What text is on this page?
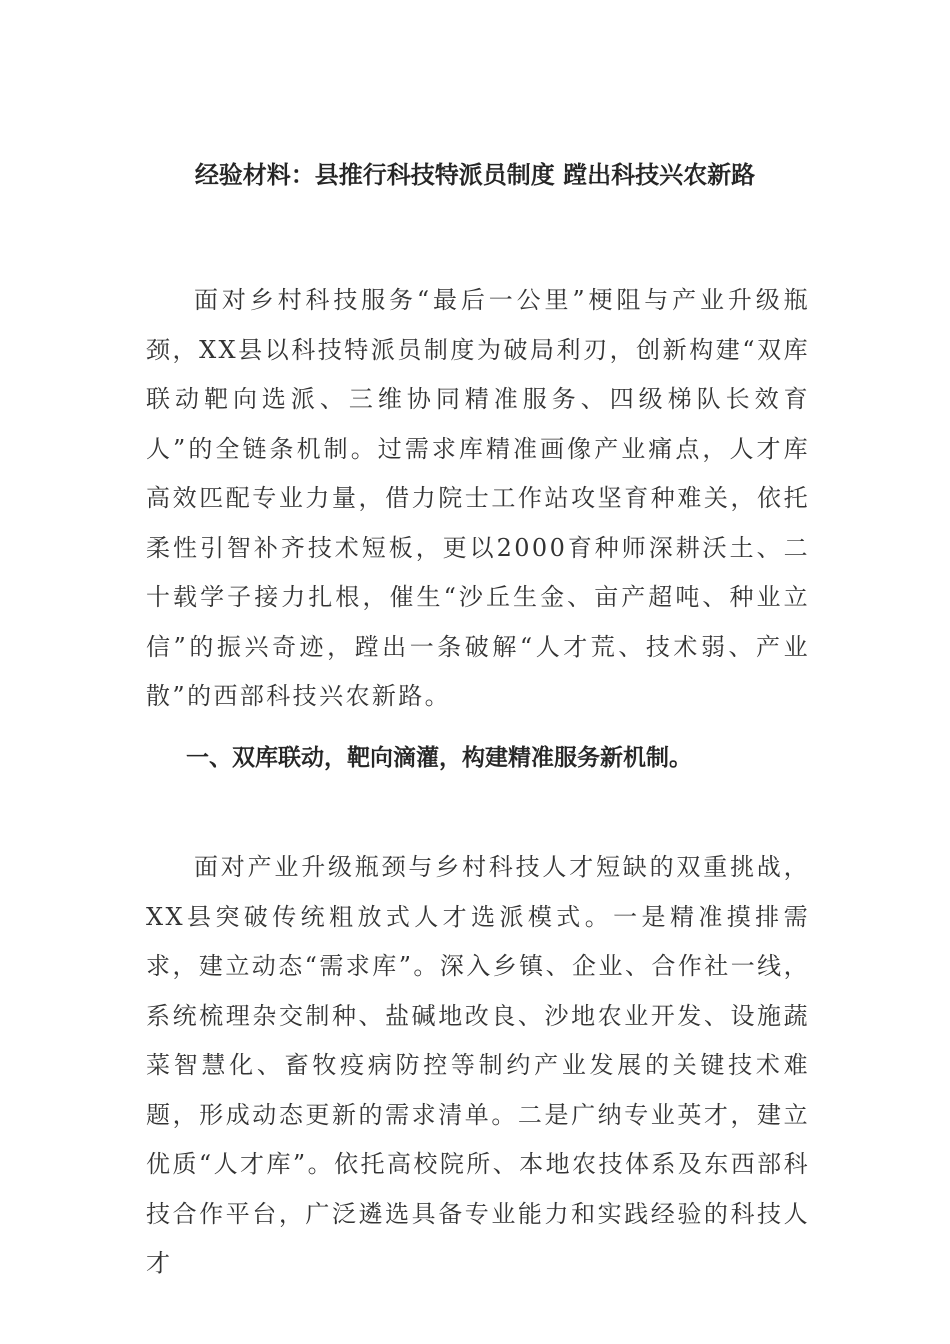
经验材料：县推行科技特派员制度 蹚出科技兴农新路

面对乡村科技服务“最后一公里”梗阻与产业升级瓶颈，XX县以科技特派员制度为破局利刃，创新构建“双库联动靶向选派、三维协同精准服务、四级梯队长效育人”的全链条机制。过需求库精准画像产业痛点，人才库高效匹配专业力量，借力院士工作站攻坚育种难关，依托柔性引智补齐技术短板，更以2000育种师深耕沃土、二十载学子接力扎根，催生“沙丘生金、亩产超吨、种业立信”的振兴奇迹，蹚出一条破解“人才荒、技术弱、产业散”的西部科技兴农新路。

一、双库联动，靶向滴灌，构建精准服务新机制。

面对产业升级瓶颈与乡村科技人才短缺的双重挑战，XX县突破传统粗放式人才选派模式。一是精准摸排需求，建立动态“需求库”。深入乡镇、企业、合作社一线，系统梳理杂交制种、盐碱地改良、沙地农业开发、设施蔬菜智慧化、畜牧疫病防控等制约产业发展的关键技术难题，形成动态更新的需求清单。二是广纳专业英才，建立优质“人才库”。依托高校院所、本地农技体系及东西部科技合作平台，广泛遴选具备专业能力和实践经验的科技人才
